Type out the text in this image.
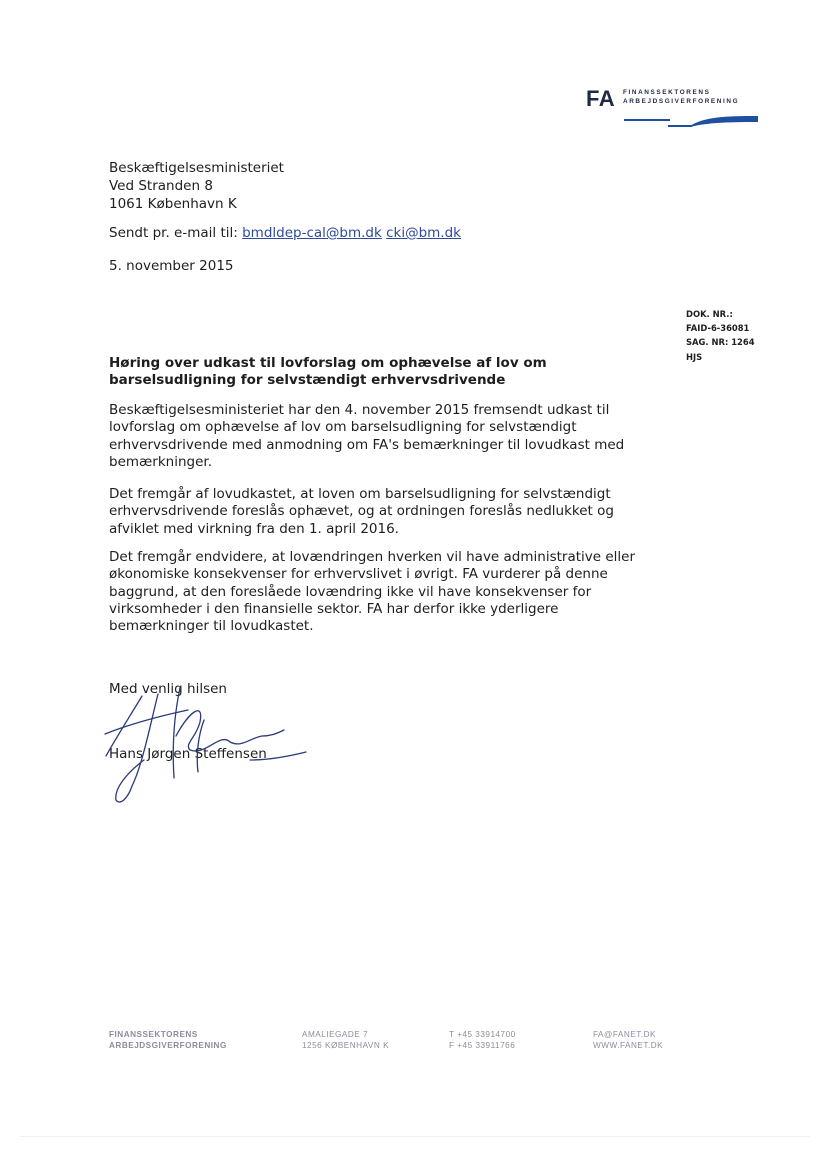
FA FINANSSEKTORENS
ARBEJDSGIVERFORENING
Beskæftigelsesministeriet
Ved Stranden 8
1061 København K
Sendt pr. e-mail til: bmdldep-cal@bm.dk cki@bm.dk
5. november 2015
DOK. NR.:
FAID-6-36081
SAG. NR: 1264
HJS
Høring over udkast til lovforslag om ophævelse af lov om barselsudligning for selvstændigt erhvervsdrivende
Beskæftigelsesministeriet har den 4. november 2015 fremsendt udkast til lovforslag om ophævelse af lov om barselsudligning for selvstændigt erhvervsdrivende med anmodning om FA's bemærkninger til lovudkast med bemærkninger.
Det fremgår af lovudkastet, at loven om barselsudligning for selvstændigt erhvervsdrivende foreslås ophævet, og at ordningen foreslås nedlukket og afviklet med virkning fra den 1. april 2016.
Det fremgår endvidere, at lovændringen hverken vil have administrative eller økonomiske konsekvenser for erhvervslivet i øvrigt. FA vurderer på denne baggrund, at den foreslåede lovændring ikke vil have konsekvenser for virksomheder i den finansielle sektor. FA har derfor ikke yderligere bemærkninger til lovudkastet.
Med venlig hilsen
Hans Jørgen Steffensen
FINANSSEKTORENS
ARBEJDSGIVERFORENING
AMALIEGADE 7
1256 KØBENHAVN K
T +45 33914700
F +45 33911766
FA@FANET.DK
WWW.FANET.DK
